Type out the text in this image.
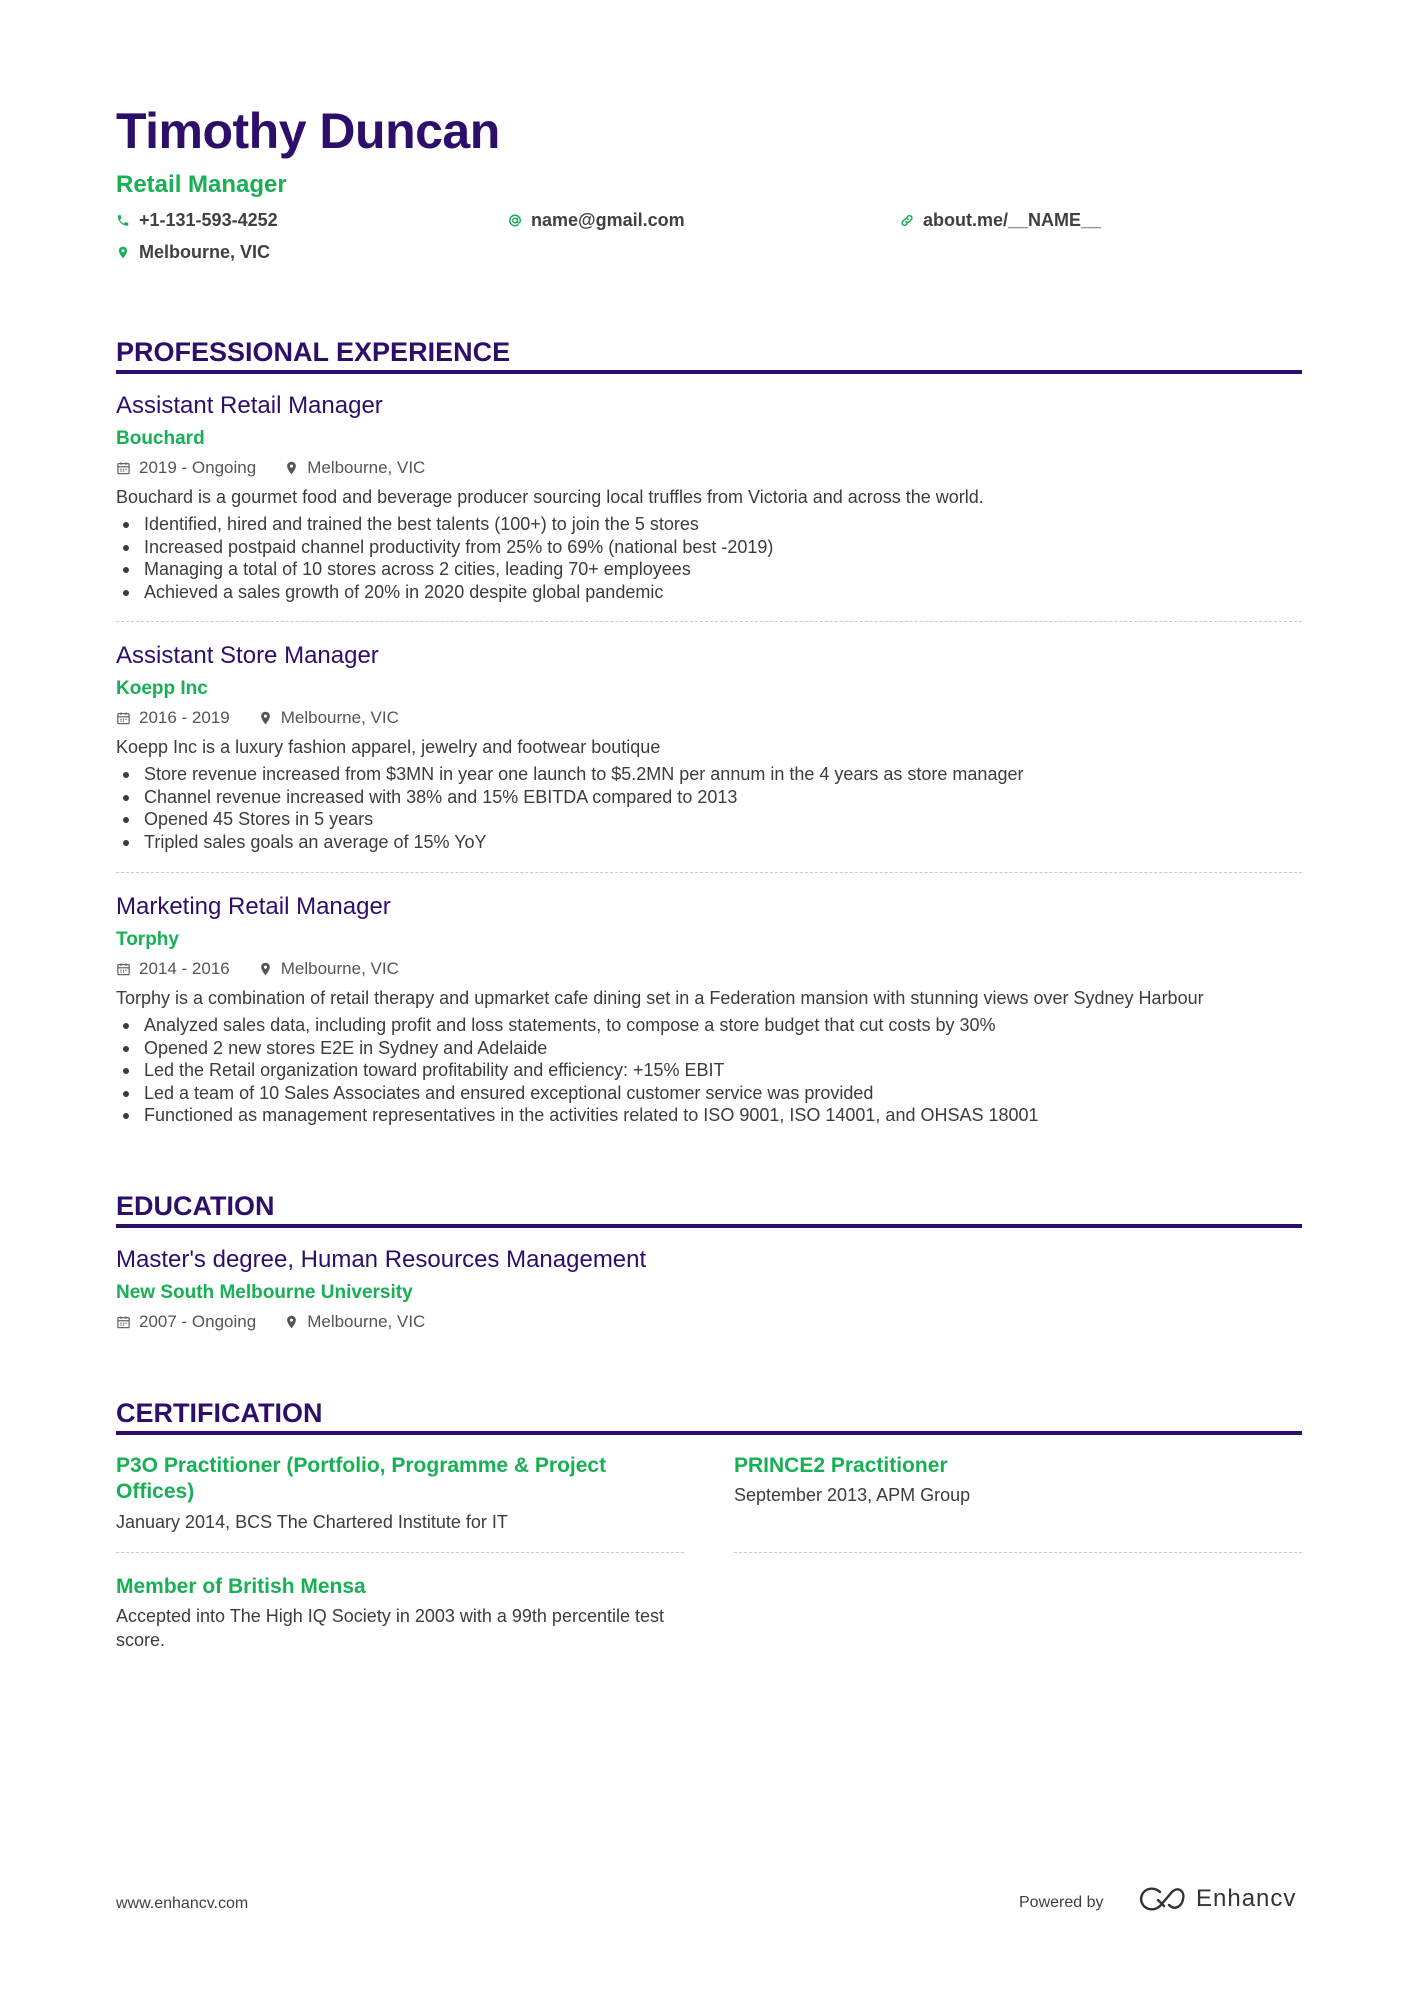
Timothy Duncan
Retail Manager
+1-131-593-4252	name@gmail.com	about.me/__NAME__
Melbourne, VIC
PROFESSIONAL EXPERIENCE
Assistant Retail Manager
Bouchard
2019 - Ongoing	Melbourne, VIC
Bouchard is a gourmet food and beverage producer sourcing local truffles from Victoria and across the world.
Identified, hired and trained the best talents (100+) to join the 5 stores
Increased postpaid channel productivity from 25% to 69% (national best -2019)
Managing a total of 10 stores across 2 cities, leading 70+ employees
Achieved a sales growth of 20% in 2020 despite global pandemic
Assistant Store Manager
Koepp Inc
2016 - 2019	Melbourne, VIC
Koepp Inc is a luxury fashion apparel, jewelry and footwear boutique
Store revenue increased from $3MN in year one launch to $5.2MN per annum in the 4 years as store manager
Channel revenue increased with 38% and 15% EBITDA compared to 2013
Opened 45 Stores in 5 years
Tripled sales goals an average of 15% YoY
Marketing Retail Manager
Torphy
2014 - 2016	Melbourne, VIC
Torphy is a combination of retail therapy and upmarket cafe dining set in a Federation mansion with stunning views over Sydney Harbour
Analyzed sales data, including profit and loss statements, to compose a store budget that cut costs by 30%
Opened 2 new stores E2E in Sydney and Adelaide
Led the Retail organization toward profitability and efficiency: +15% EBIT
Led a team of 10 Sales Associates and ensured exceptional customer service was provided
Functioned as management representatives in the activities related to ISO 9001, ISO 14001, and OHSAS 18001
EDUCATION
Master's degree, Human Resources Management
New South Melbourne University
2007 - Ongoing	Melbourne, VIC
CERTIFICATION
P3O Practitioner (Portfolio, Programme & Project Offices)
January 2014, BCS The Chartered Institute for IT
PRINCE2 Practitioner
September 2013, APM Group
Member of British Mensa
Accepted into The High IQ Society in 2003 with a 99th percentile test score.
www.enhancv.com	Powered by	Enhancv
